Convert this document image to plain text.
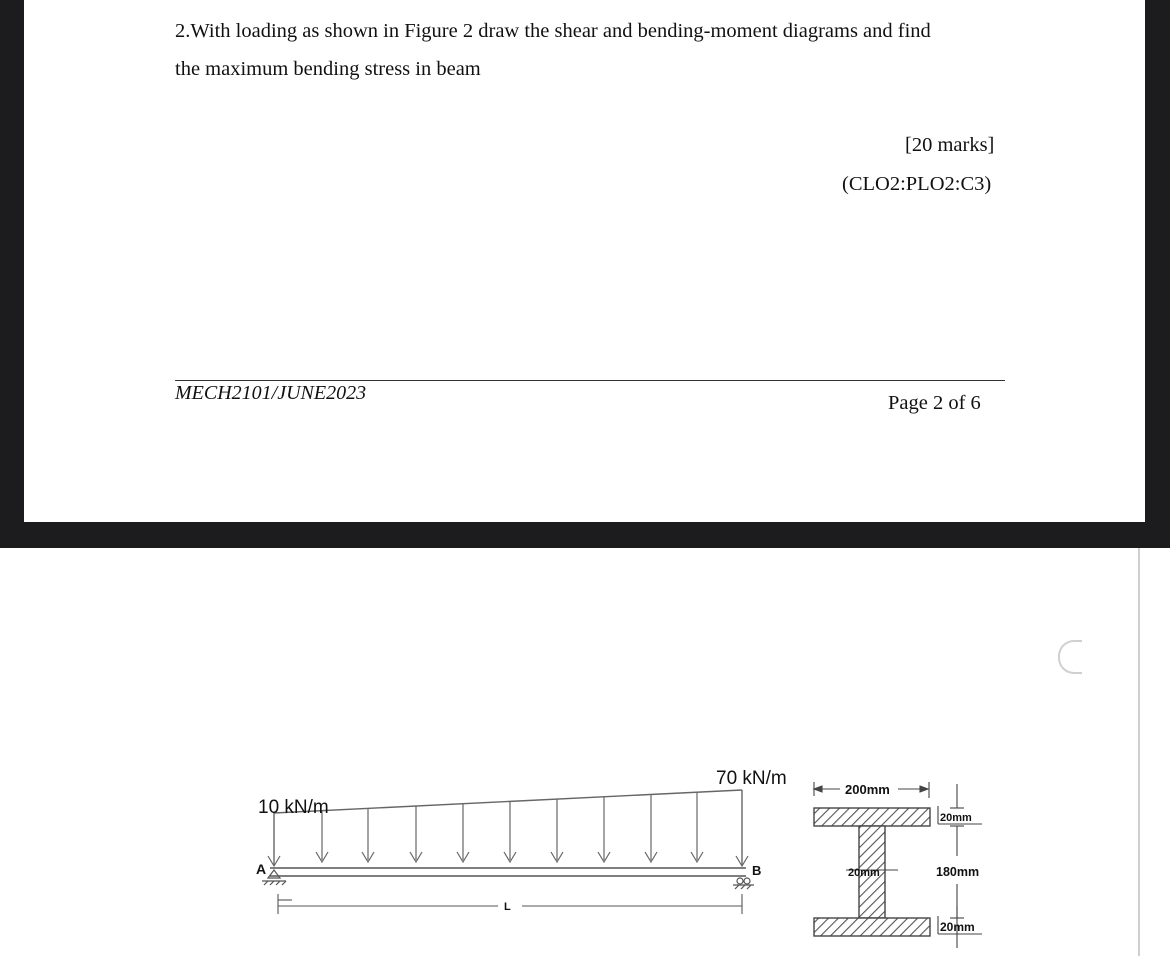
2.With loading as shown in Figure 2 draw the shear and bending-moment diagrams and find
the maximum bending stress in beam
[20 marks]
(CLO2:PLO2:C3)
MECH2101/JUNE2023	Page 2 of 6
10 kN/m
70 kN/m
A	B
L
200mm
20mm
180mm
20mm
20mm
